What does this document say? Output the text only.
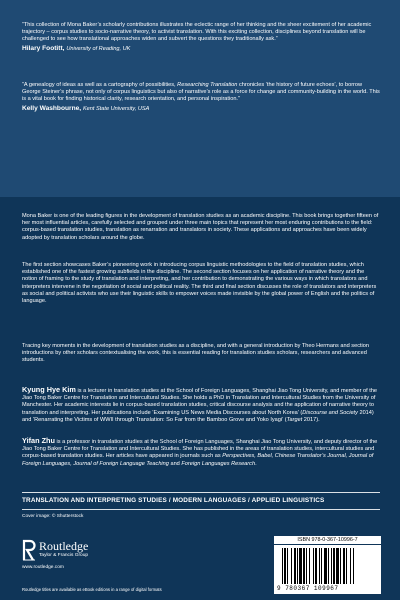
“This collection of Mona Baker’s scholarly contributions illustrates the eclectic range of her thinking and the sheer excitement of her academic trajectory – corpus studies to socio-narrative theory, to activist translation. With this exciting collection, disciplines beyond translation will be challenged to see how translational approaches widen and subvert the questions they traditionally ask.”
Hilary Footitt, University of Reading, UK
“A genealogy of ideas as well as a cartography of possibilities, Researching Translation chronicles ‘the history of future echoes’, to borrow George Steiner’s phrase, not only of corpus linguistics but also of narrative’s role as a force for change and community-building in the world. This is a vital book for finding historical clarity, research orientation, and personal inspiration.”
Kelly Washbourne, Kent State University, USA

Mona Baker is one of the leading figures in the development of translation studies as an academic discipline. This book brings together fifteen of her most influential articles, carefully selected and grouped under three main topics that represent her most enduring contributions to the field: corpus-based translation studies, translation as renarration and translators in society. These applications and approaches have been widely adopted by translation scholars around the globe.

The first section showcases Baker’s pioneering work in introducing corpus linguistic methodologies to the field of translation studies, which established one of the fastest growing subfields in the discipline. The second section focuses on her application of narrative theory and the notion of framing to the study of translation and interpreting, and her contribution to demonstrating the various ways in which translators and interpreters intervene in the negotiation of social and political reality. The third and final section discusses the role of translators and interpreters as social and political activists who use their linguistic skills to empower voices made invisible by the global power of English and the politics of language.

Tracing key moments in the development of translation studies as a discipline, and with a general introduction by Theo Hermans and section introductions by other scholars contextualising the work, this is essential reading for translation studies scholars, researchers and advanced students.

Kyung Hye Kim is a lecturer in translation studies at the School of Foreign Languages, Shanghai Jiao Tong University, and member of the Jiao Tong Baker Centre for Translation and Intercultural Studies. She holds a PhD in Translation and Intercultural Studies from the University of Manchester. Her academic interests lie in corpus-based translation studies, critical discourse analysis and the application of narrative theory to translation and interpreting. Her publications include ‘Examining US News Media Discourses about North Korea’ (Discourse and Society 2014) and ‘Renarrating the Victims of WWII through Translation: So Far from the Bamboo Grove and Yoko Iyagi’ (Target 2017).
Yifan Zhu is a professor in translation studies at the School of Foreign Languages, Shanghai Jiao Tong University, and deputy director of the Jiao Tong Baker Centre for Translation and Intercultural Studies. She has published in the areas of translation studies, intercultural studies and corpus-based translation studies. Her articles have appeared in journals such as Perspectives, Babel, Chinese Translator’s Journal, Journal of Foreign Languages, Journal of Foreign Language Teaching and Foreign Languages Research.
TRANSLATION AND INTERPRETING STUDIES / MODERN LANGUAGES / APPLIED LINGUISTICS
Cover image: © Shutterstock
Routledge
Taylor & Francis Group
www.routledge.com
ISBN 978-0-367-10996-7
9 780367 109967
Routledge titles are available as eBook editions in a range of digital formats	an informa business
